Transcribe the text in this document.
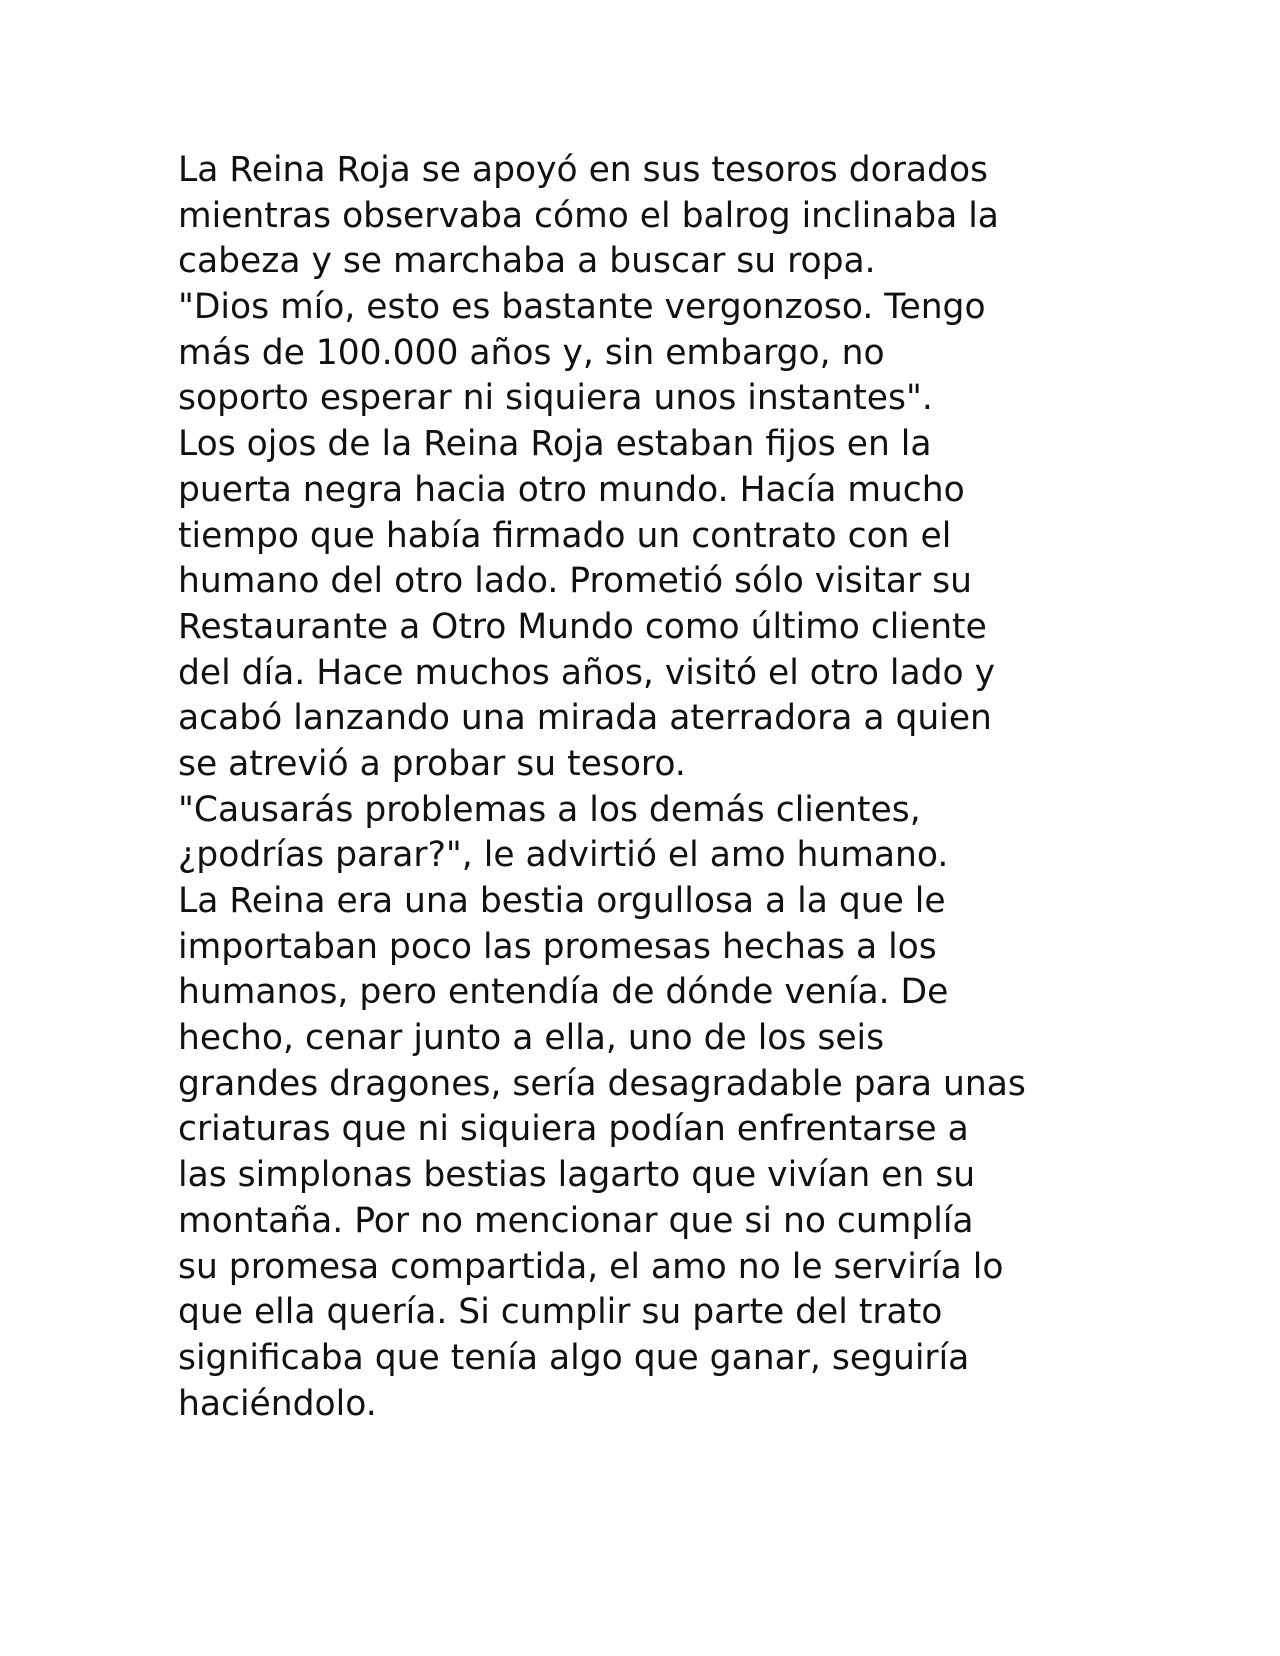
La Reina Roja se apoyó en sus tesoros dorados
mientras observaba cómo el balrog inclinaba la
cabeza y se marchaba a buscar su ropa.
"Dios mío, esto es bastante vergonzoso. Tengo
más de 100.000 años y, sin embargo, no
soporto esperar ni siquiera unos instantes".
Los ojos de la Reina Roja estaban fijos en la
puerta negra hacia otro mundo. Hacía mucho
tiempo que había firmado un contrato con el
humano del otro lado. Prometió sólo visitar su
Restaurante a Otro Mundo como último cliente
del día. Hace muchos años, visitó el otro lado y
acabó lanzando una mirada aterradora a quien
se atrevió a probar su tesoro.
"Causarás problemas a los demás clientes,
¿podrías parar?", le advirtió el amo humano.
La Reina era una bestia orgullosa a la que le
importaban poco las promesas hechas a los
humanos, pero entendía de dónde venía. De
hecho, cenar junto a ella, uno de los seis
grandes dragones, sería desagradable para unas
criaturas que ni siquiera podían enfrentarse a
las simplonas bestias lagarto que vivían en su
montaña. Por no mencionar que si no cumplía
su promesa compartida, el amo no le serviría lo
que ella quería. Si cumplir su parte del trato
significaba que tenía algo que ganar, seguiría
haciéndolo.
